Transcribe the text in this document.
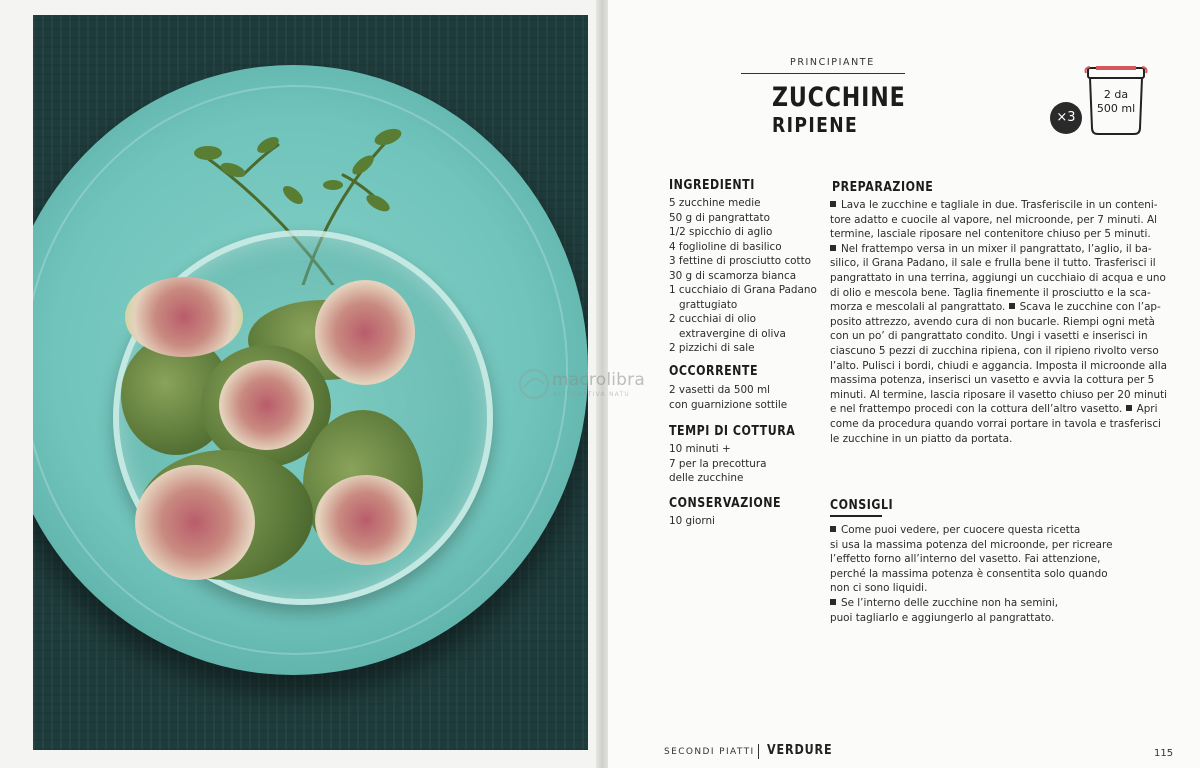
PRINCIPIANTE
ZUCCHINE
RIPIENE	×3
2 da
500 ml
INGREDIENTI
5 zucchine medie
50 g di pangrattato
1/2 spicchio di aglio
4 foglioline di basilico
3 fettine di prosciutto cotto
30 g di scamorza bianca
1 cucchiaio di Grana Padano
grattugiato
2 cucchiai di olio
extravergine di oliva
2 pizzichi di sale
OCCORRENTE
2 vasetti da 500 ml
con guarnizione sottile
TEMPI DI COTTURA
10 minuti +
7 per la precottura
delle zucchine
CONSERVAZIONE
10 giorni
PREPARAZIONE
Lava le zucchine e tagliale in due. Trasferiscile in un conteni-
tore adatto e cuocile al vapore, nel microonde, per 7 minuti. Al
termine, lasciale riposare nel contenitore chiuso per 5 minuti.
Nel frattempo versa in un mixer il pangrattato, l’aglio, il ba-
silico, il Grana Padano, il sale e frulla bene il tutto. Trasferisci il
pangrattato in una terrina, aggiungi un cucchiaio di acqua e uno
di olio e mescola bene. Taglia finemente il prosciutto e la sca-
morza e mescolali al pangrattato. Scava le zucchine con l’ap-
posito attrezzo, avendo cura di non bucarle. Riempi ogni metà
con un po’ di pangrattato condito. Ungi i vasetti e inserisci in
ciascuno 5 pezzi di zucchina ripiena, con il ripieno rivolto verso
l’alto. Pulisci i bordi, chiudi e aggancia. Imposta il microonde alla
massima potenza, inserisci un vasetto e avvia la cottura per 5
minuti. Al termine, lascia riposare il vasetto chiuso per 20 minuti
e nel frattempo procedi con la cottura dell’altro vasetto. Apri
come da procedura quando vorrai portare in tavola e trasferisci
le zucchine in un piatto da portata.
CONSIGLI
Come puoi vedere, per cuocere questa ricetta
si usa la massima potenza del microonde, per ricreare
l’effetto forno all’interno del vasetto. Fai attenzione,
perché la massima potenza è consentita solo quando
non ci sono liquidi.
Se l’interno delle zucchine non ha semini,
puoi tagliarlo e aggiungerlo al pangrattato.
macrolibra
ALTERNATIVA NATU
SECONDI PIATTI VERDURE	115
